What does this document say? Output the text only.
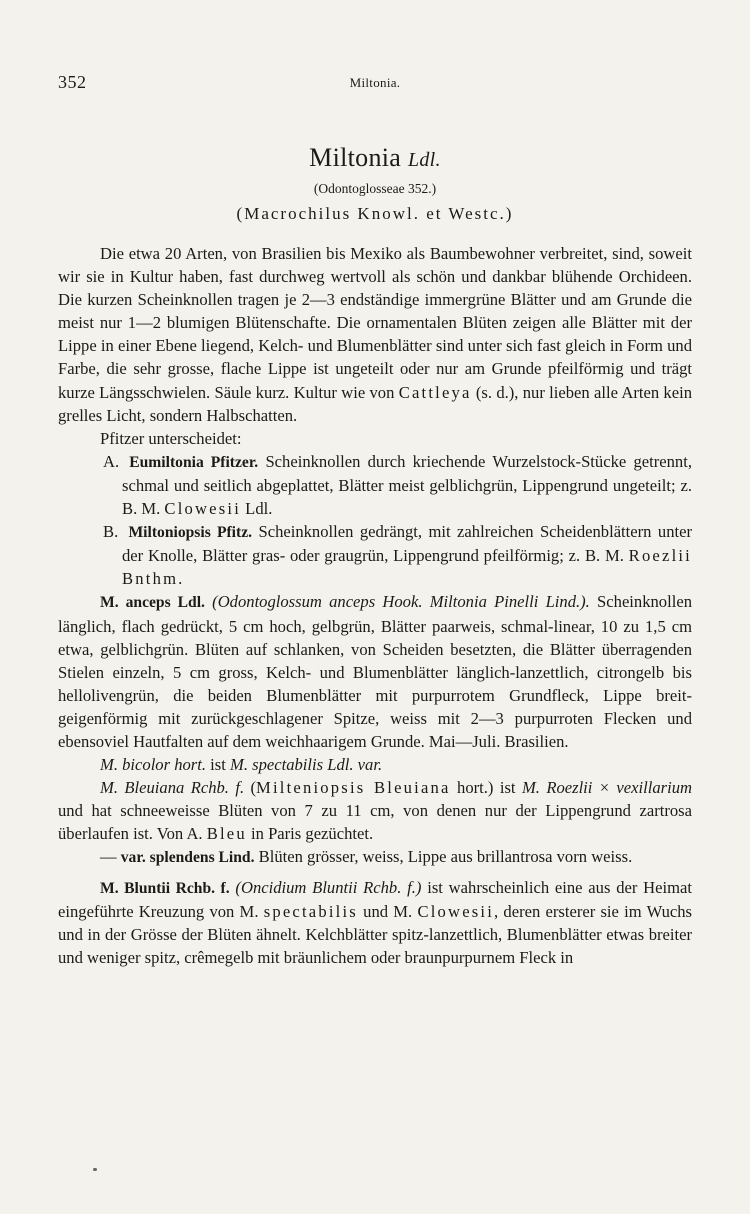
352	Miltonia.
Miltonia Ldl.
(Odontoglosseae 352.)
(Macrochilus Knowl. et Westc.)

Die etwa 20 Arten, von Brasilien bis Mexiko als Baumbewohner verbreitet, sind, soweit wir sie in Kultur haben, fast durchweg wertvoll als schön und dankbar blühende Orchideen. Die kurzen Scheinknollen tragen je 2—3 endständige immergrüne Blätter und am Grunde die meist nur 1—2 blumigen Blütenschafte. Die ornamentalen Blüten zeigen alle Blätter mit der Lippe in einer Ebene liegend, Kelch- und Blumenblätter sind unter sich fast gleich in Form und Farbe, die sehr grosse, flache Lippe ist ungeteilt oder nur am Grunde pfeilförmig und trägt kurze Längsschwielen. Säule kurz. Kultur wie von Cattleya (s. d.), nur lieben alle Arten kein grelles Licht, sondern Halbschatten.

Pfitzer unterscheidet:

A. Eumiltonia Pfitzer. Scheinknollen durch kriechende Wurzelstock-Stücke getrennt, schmal und seitlich abgeplattet, Blätter meist gelblichgrün, Lippengrund ungeteilt; z. B. M. Clowesii Ldl.

B. Miltoniopsis Pfitz. Scheinknollen gedrängt, mit zahlreichen Scheidenblättern unter der Knolle, Blätter gras- oder graugrün, Lippengrund pfeilförmig; z. B. M. Roezlii Bnthm.

M. anceps Ldl. (Odontoglossum anceps Hook. Miltonia Pinelli Lind.). Scheinknollen länglich, flach gedrückt, 5 cm hoch, gelbgrün, Blätter paarweis, schmal-linear, 10 zu 1,5 cm etwa, gelblichgrün. Blüten auf schlanken, von Scheiden besetzten, die Blätter überragenden Stielen einzeln, 5 cm gross, Kelch- und Blumenblätter länglich-lanzettlich, citrongelb bis hellolivengrün, die beiden Blumenblätter mit purpurrotem Grundfleck, Lippe breit-geigenförmig mit zurückgeschlagener Spitze, weiss mit 2—3 purpurroten Flecken und ebensoviel Hautfalten auf dem weichhaarigem Grunde. Mai—Juli. Brasilien.

M. bicolor hort. ist M. spectabilis Ldl. var.

M. Bleuiana Rchb. f. (Milteniopsis Bleuiana hort.) ist M. Roezlii × vexillarium und hat schneeweisse Blüten von 7 zu 11 cm, von denen nur der Lippengrund zartrosa überlaufen ist. Von A. Bleu in Paris gezüchtet.

— var. splendens Lind. Blüten grösser, weiss, Lippe aus brillantrosa vorn weiss.

M. Bluntii Rchb. f. (Oncidium Bluntii Rchb. f.) ist wahrscheinlich eine aus der Heimat eingeführte Kreuzung von M. spectabilis und M. Clowesii, deren ersterer sie im Wuchs und in der Grösse der Blüten ähnelt. Kelchblätter spitz-lanzettlich, Blumenblätter etwas breiter und weniger spitz, crêmegelb mit bräunlichem oder braunpurpurnem Fleck in
